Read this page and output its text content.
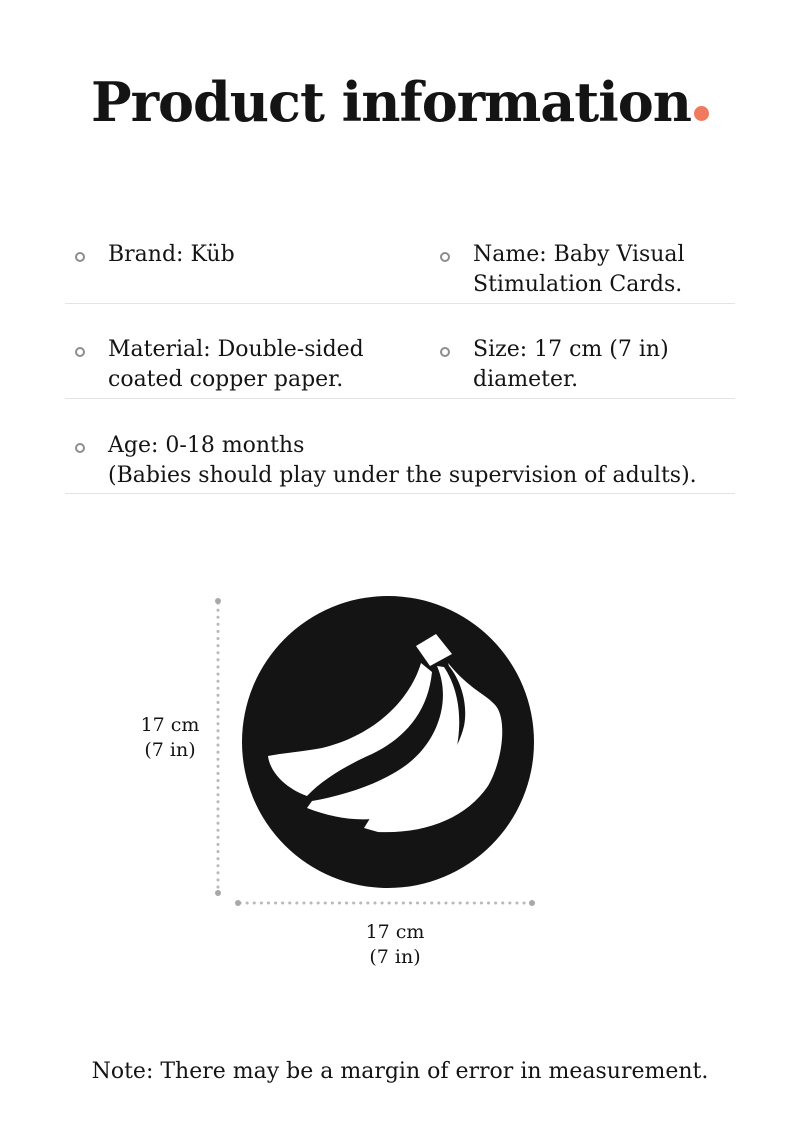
Product information
Brand: Küb	Name: Baby Visual
Stimulation Cards.
Material: Double-sided
coated copper paper.
Size: 17 cm (7 in)
diameter.
Age: 0-18 months
(Babies should play under the supervision of adults).
17 cm
(7 in)
17 cm
(7 in)
Note: There may be a margin of error in measurement.
